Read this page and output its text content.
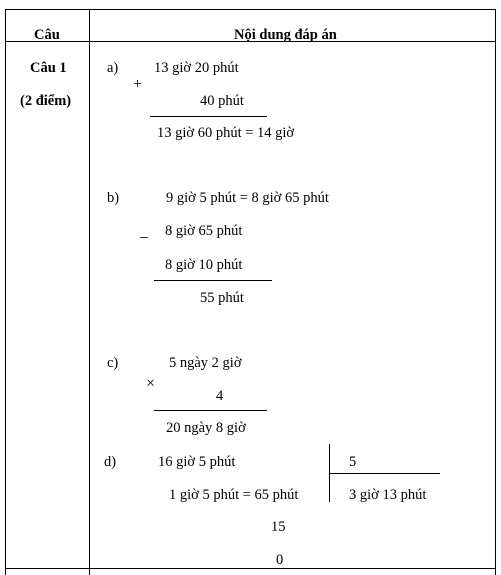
Câu	Nội dung đáp án
Câu 1
(2 điểm)
a)
+
13 giờ 20 phút
40 phút
13 giờ 60 phút = 14 giờ
b)	9 giờ 5 phút = 8 giờ 65 phút
_ 8 giờ 65 phút
8 giờ 10 phút
55 phút
c)	5 ngày 2 giờ
×
4
20 ngày 8 giờ
d)	16 giờ 5 phút	5
1 giờ 5 phút = 65 phút	3 giờ 13 phút
15
0
